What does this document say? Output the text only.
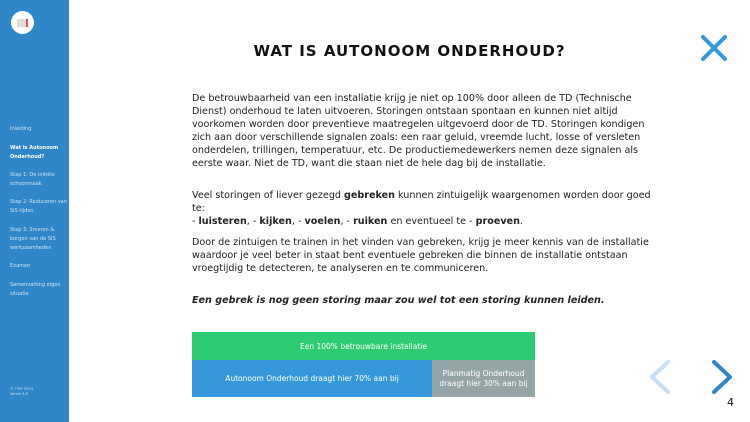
Inleiding
Wat is Autonoom Onderhoud?
Stap 1: De initiële schoonmaak
Stap 2: Reduceren van SIS tijden
Stap 3: Smeren & borgen van de SIS werkzaamheden
Examen
Samenvatting eigen situatie
© TPM TECH
Versie 4.8
WAT IS AUTONOOM ONDERHOUD?

De betrouwbaarheid van een installatie krijg je niet op 100% door alleen de TD (Technische Dienst) onderhoud te laten uitvoeren. Storingen ontstaan spontaan en kunnen niet altijd voorkomen worden door preventieve maatregelen uitgevoerd door de TD. Storingen kondigen zich aan door verschillende signalen zoals: een raar geluid, vreemde lucht, losse of versleten onderdelen, trillingen, temperatuur, etc. De productiemedewerkers nemen deze signalen als eerste waar. Niet de TD, want die staan niet de hele dag bij de installatie.

Veel storingen of liever gezegd gebreken kunnen zintuigelijk waargenomen worden door goed te:
- luisteren, - kijken, - voelen, - ruiken en eventueel te - proeven.

Door de zintuigen te trainen in het vinden van gebreken, krijg je meer kennis van de installatie waardoor je veel beter in staat bent eventuele gebreken die binnen de installatie ontstaan vroegtijdig te detecteren, te analyseren en te communiceren.

Een gebrek is nog geen storing maar zou wel tot een storing kunnen leiden.

Een 100% betrouwbare installatie
Autonoom Onderhoud draagt hier 70% aan bij
Planmatig Onderhoud draagt hier 30% aan bij
4
